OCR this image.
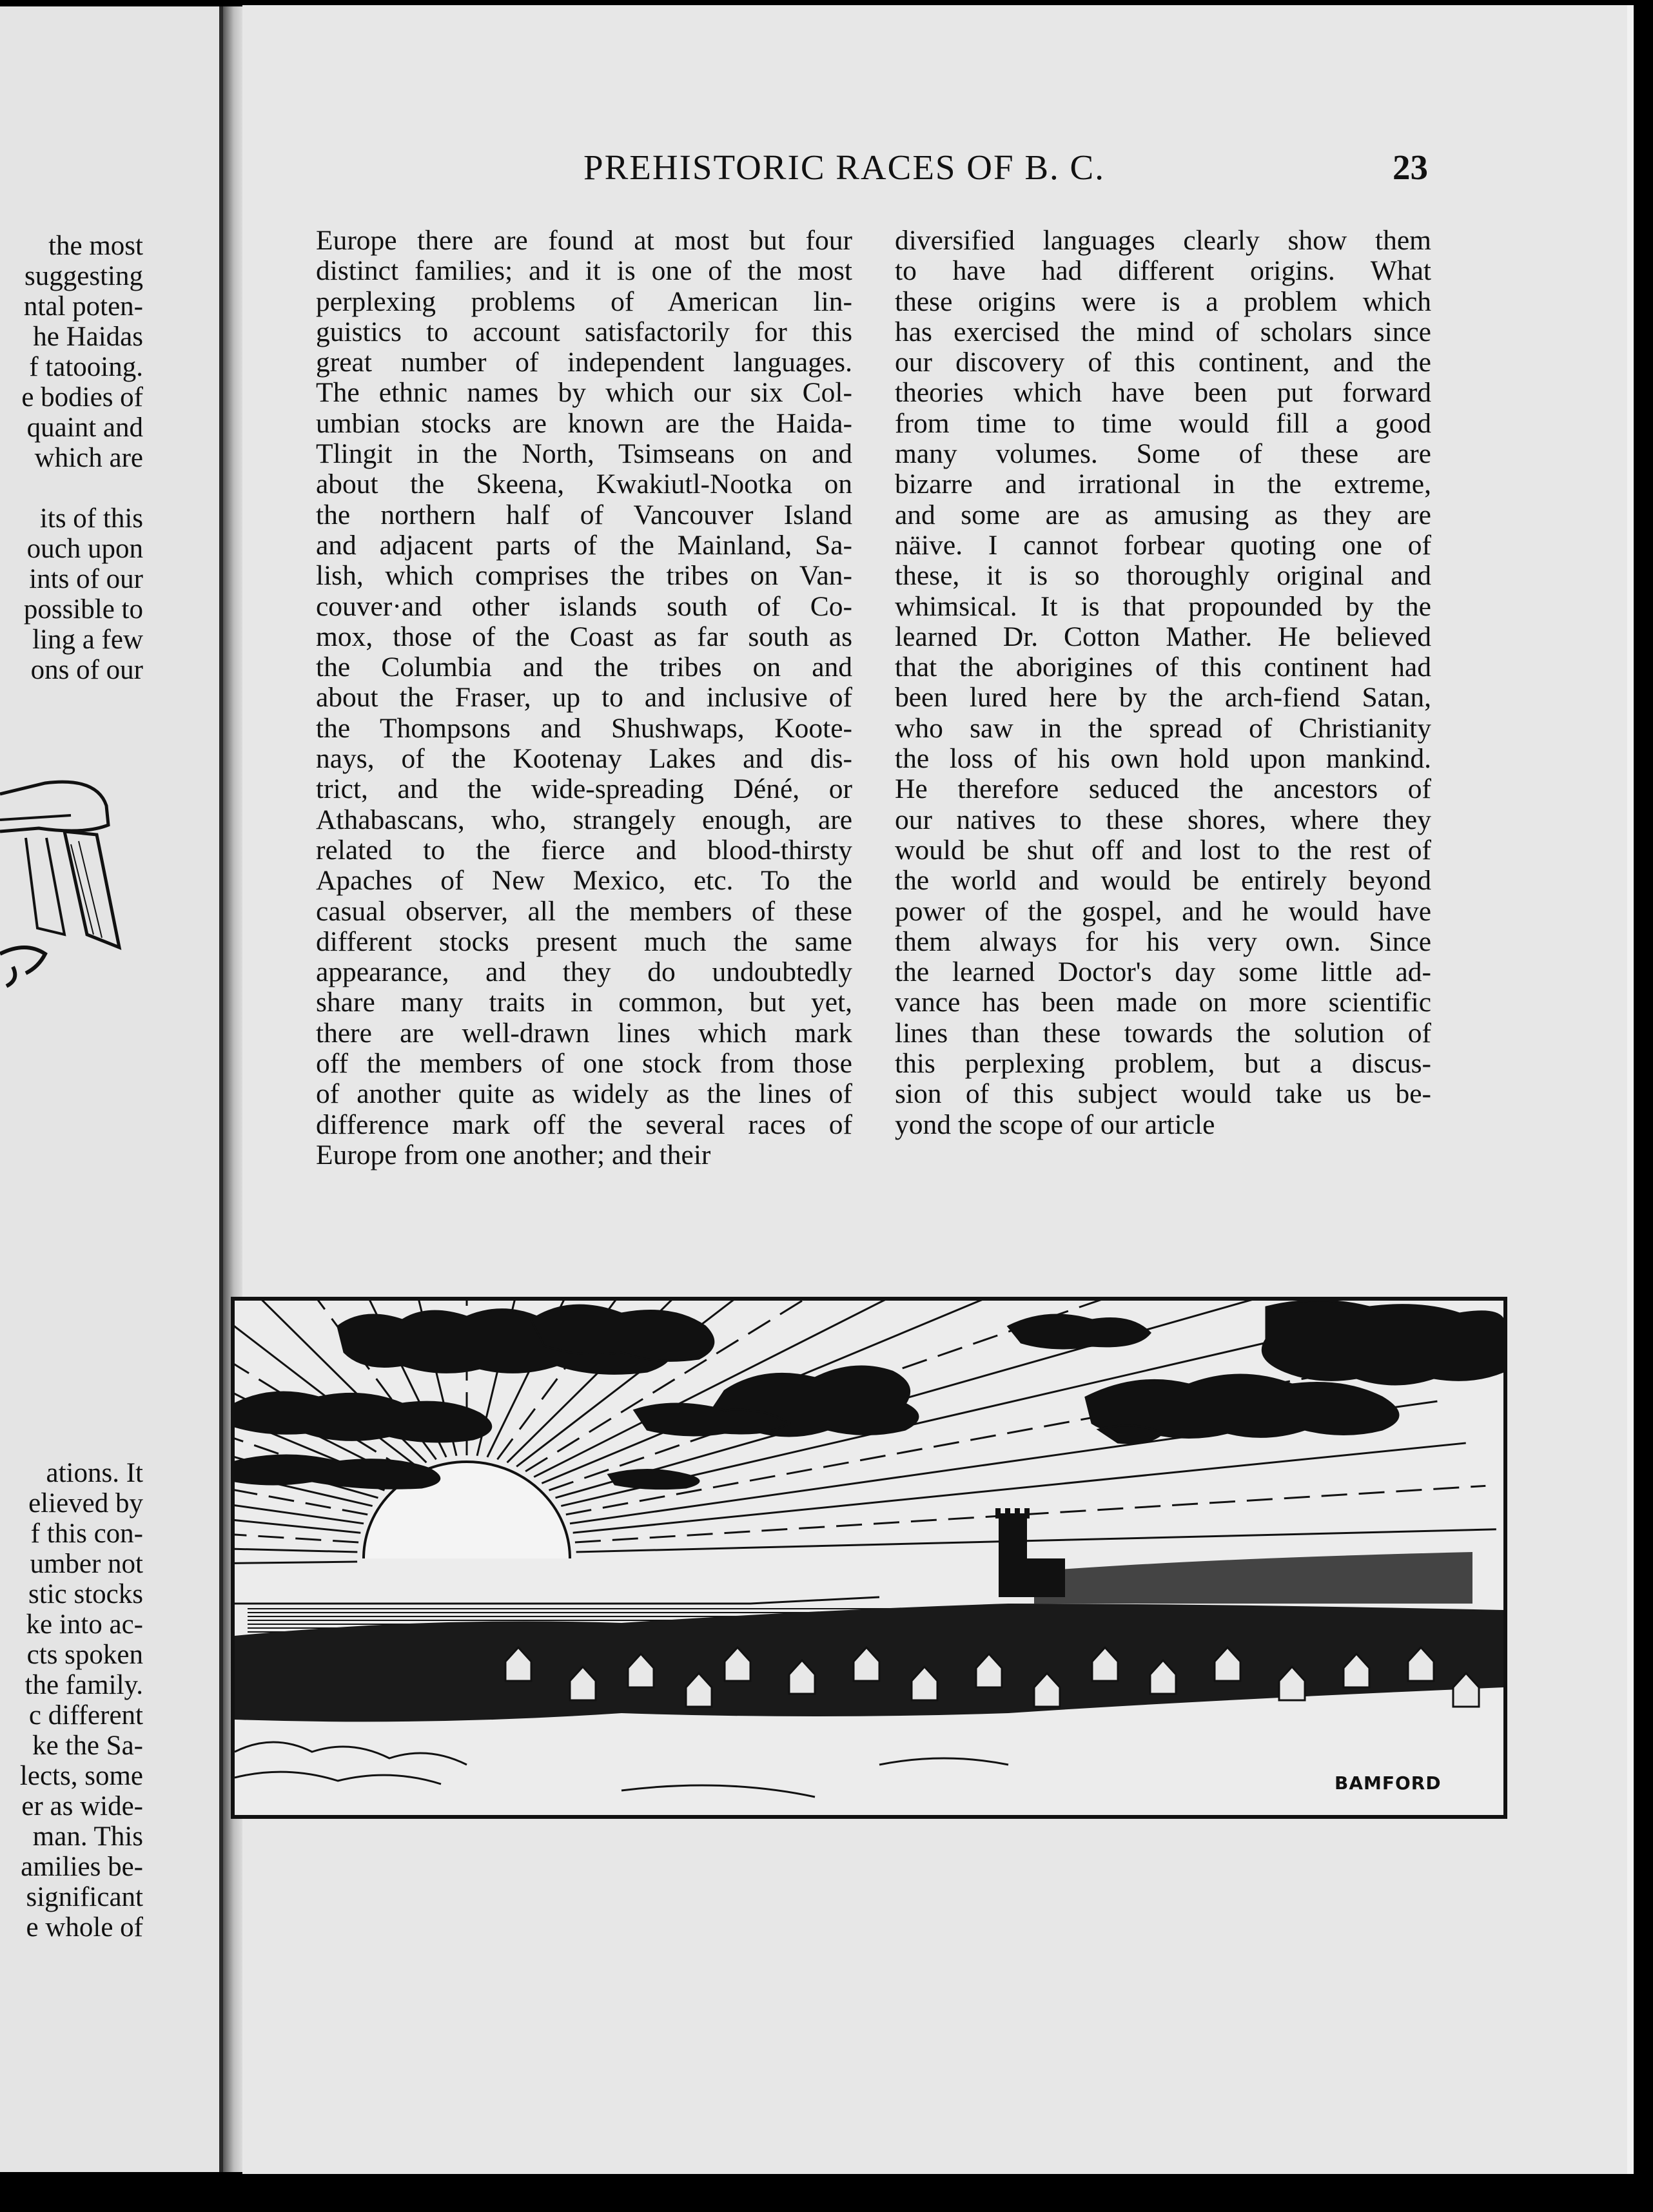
the most
suggesting
ntal poten-
he Haidas
f tatooing.
e bodies of
quaint and
which are
its of this
ouch upon
ints of our
possible to
ling a few
ons of our
ations. It
elieved by
f this con-
umber not
stic stocks
ke into ac-
cts spoken
the family.
c different
ke the Sa-
lects, some
er as wide-
man. This
amilies be-
significant
e whole of
PREHISTORIC RACES OF B. C.	23
Europe there are found at most but four
distinct families; and it is one of the most
perplexing problems of American lin-
guistics to account satisfactorily for this
great number of independent languages.
The ethnic names by which our six Col-
umbian stocks are known are the Haida-
Tlingit in the North, Tsimseans on and
about the Skeena, Kwakiutl-Nootka on
the northern half of Vancouver Island
and adjacent parts of the Mainland, Sa-
lish, which comprises the tribes on Van-
couver·and other islands south of Co-
mox, those of the Coast as far south as
the Columbia and the tribes on and
about the Fraser, up to and inclusive of
the Thompsons and Shushwaps, Koote-
nays, of the Kootenay Lakes and dis-
trict, and the wide-spreading Déné, or
Athabascans, who, strangely enough, are
related to the fierce and blood-thirsty
Apaches of New Mexico, etc. To the
casual observer, all the members of these
different stocks present much the same
appearance, and they do undoubtedly
share many traits in common, but yet,
there are well-drawn lines which mark
off the members of one stock from those
of another quite as widely as the lines of
difference mark off the several races of
Europe from one another; and their
diversified languages clearly show them
to have had different origins. What
these origins were is a problem which
has exercised the mind of scholars since
our discovery of this continent, and the
theories which have been put forward
from time to time would fill a good
many volumes. Some of these are
bizarre and irrational in the extreme,
and some are as amusing as they are
näive. I cannot forbear quoting one of
these, it is so thoroughly original and
whimsical. It is that propounded by the
learned Dr. Cotton Mather. He believed
that the aborigines of this continent had
been lured here by the arch-fiend Satan,
who saw in the spread of Christianity
the loss of his own hold upon mankind.
He therefore seduced the ancestors of
our natives to these shores, where they
would be shut off and lost to the rest of
the world and would be entirely beyond
power of the gospel, and he would have
them always for his very own. Since
the learned Doctor's day some little ad-
vance has been made on more scientific
lines than these towards the solution of
this perplexing problem, but a discus-
sion of this subject would take us be-
yond the scope of our article
BAMFORD
